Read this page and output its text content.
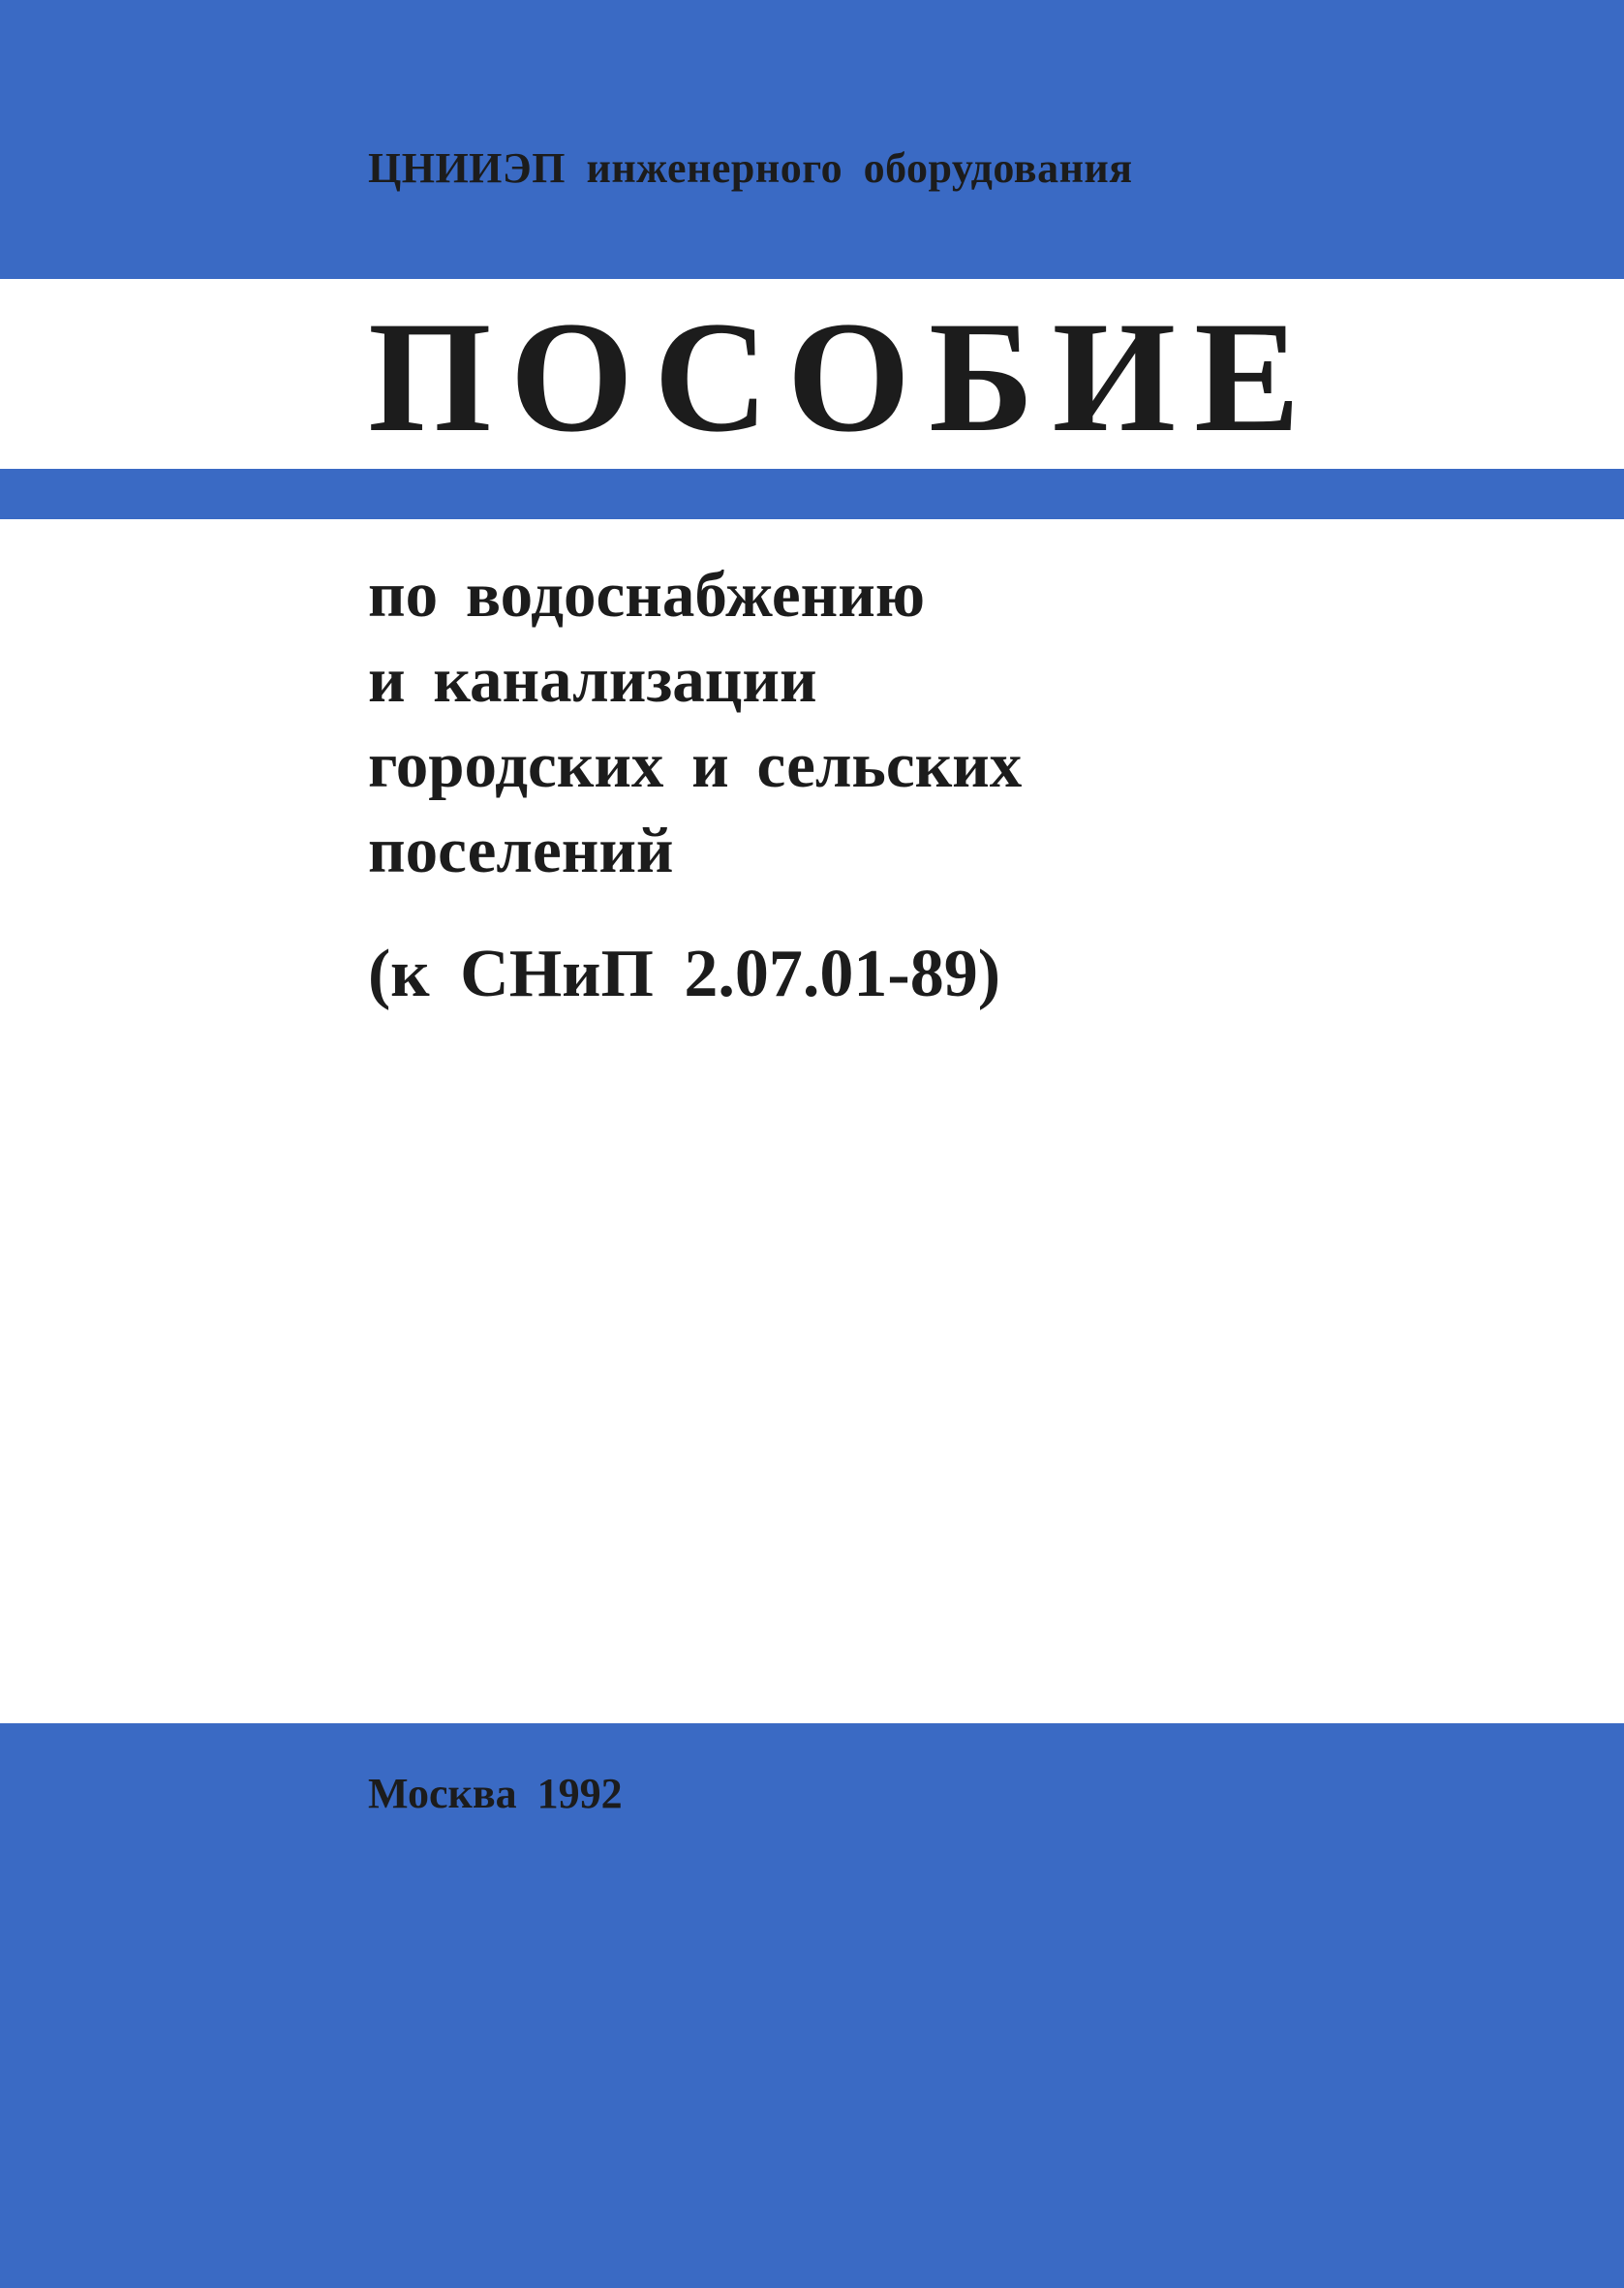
ЦНИИЭП инженерного оборудования

ПОСОБИЕ
по водоснабжению
и канализации
городских и сельских
поселений

(к СНиП 2.07.01-89)

Москва 1992
